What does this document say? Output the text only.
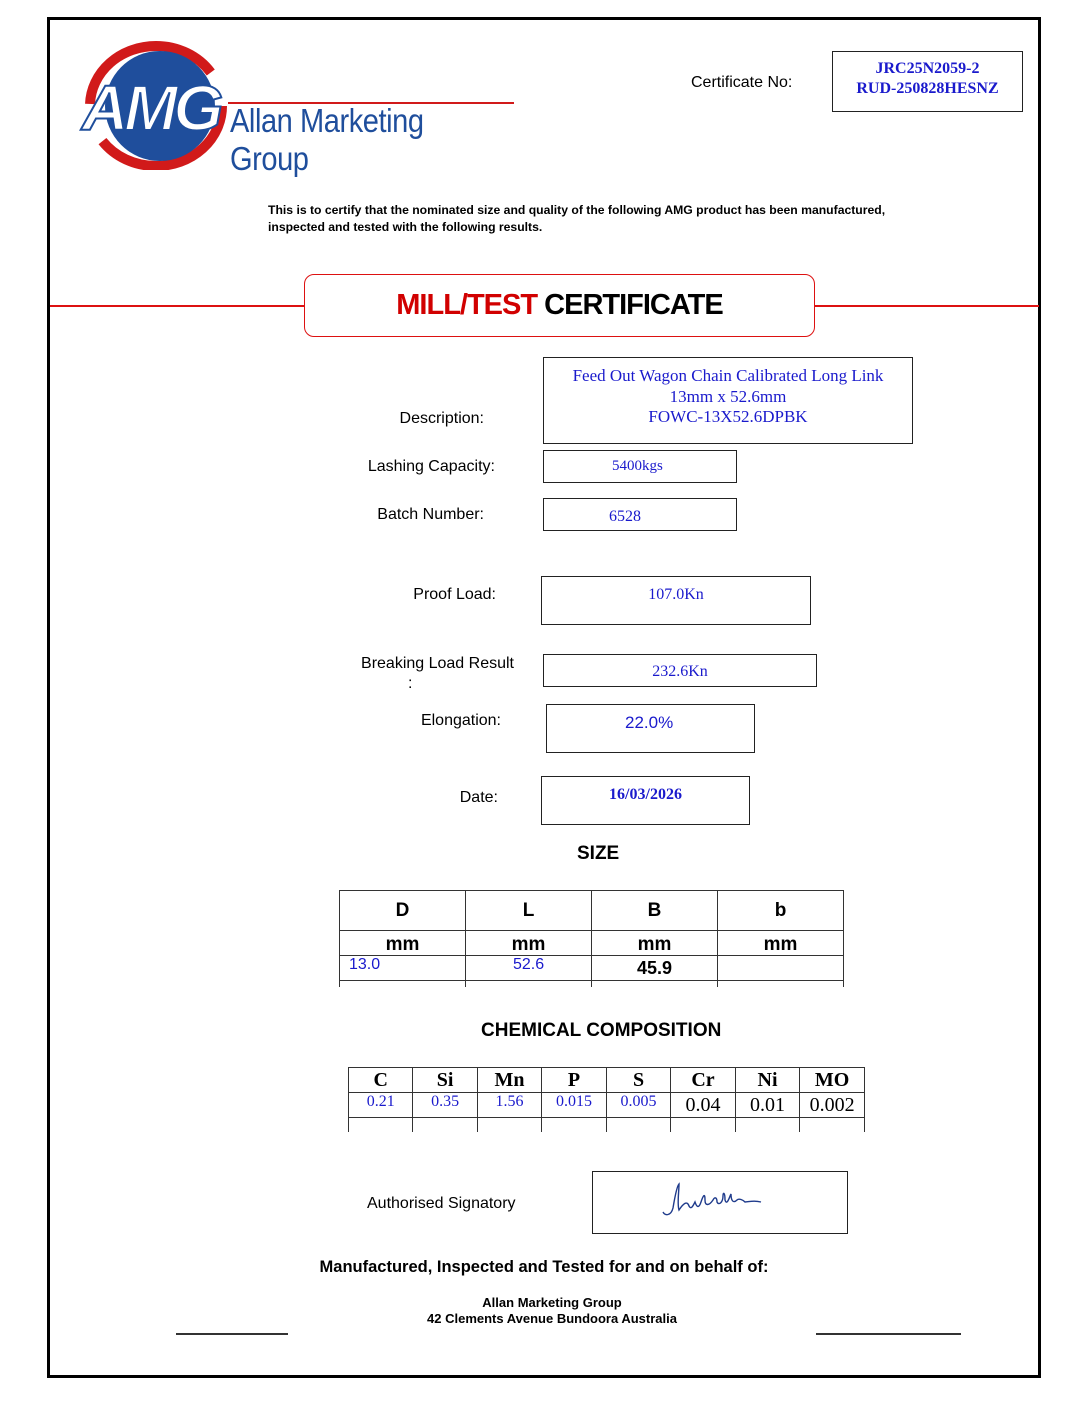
AMG Allan Marketing Group
Certificate No:
JRC25N2059-2
RUD-250828HESNZ
This is to certify that the nominated size and quality of the following AMG product has been manufactured,
inspected and tested with the following results.
MILL/TEST CERTIFICATE
Description:
Feed Out Wagon Chain Calibrated Long Link
13mm x 52.6mm
FOWC-13X52.6DPBK
Lashing Capacity:	5400kgs
Batch Number:	6528
Proof Load:	107.0Kn
Breaking Load Result
:
232.6Kn
Elongation:	22.0%
Date:	16/03/2026
SIZE
D	L	B	b
mm	mm	mm	mm
13.0	52.6	45.9	

CHEMICAL COMPOSITION
C	Si	Mn	P	S	Cr	Ni	MO
0.21	0.35	1.56	0.015	0.005	0.04	0.01	0.002

Authorised Signatory
Manufactured, Inspected and Tested for and on behalf of:
Allan Marketing Group
42 Clements Avenue Bundoora Australia
